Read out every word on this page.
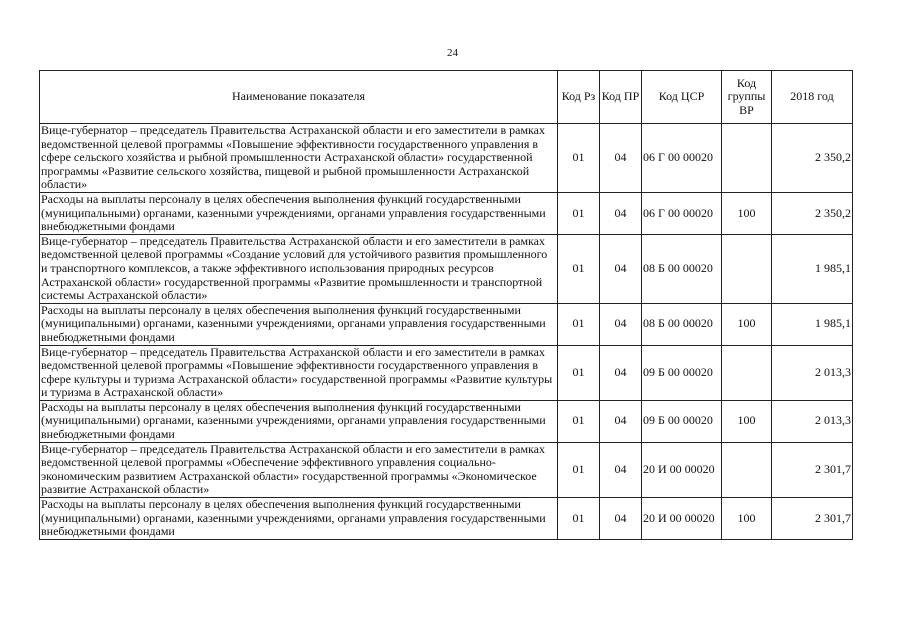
24
Наименование показателя	Код Рз	Код ПР	Код ЦСР	Код группы ВР	2018 год
Вице-губернатор – председатель Правительства Астраханской области и его заместители в рамках ведомственной целевой программы «Повышение эффективности государственного управления в сфере сельского хозяйства и рыбной промышленности Астраханской области» государственной программы «Развитие сельского хозяйства, пищевой и рыбной промышленности Астраханской области»	01	04	06 Г 00 00020		2 350,2
Расходы на выплаты персоналу в целях обеспечения выполнения функций государственными (муниципальными) органами, казенными учреждениями, органами управления государственными внебюджетными фондами	01	04	06 Г 00 00020	100	2 350,2
Вице-губернатор – председатель Правительства Астраханской области и его заместители в рамках ведомственной целевой программы «Создание условий для устойчивого развития промышленного и транспортного комплексов, а также эффективного использования природных ресурсов Астраханской области» государственной программы «Развитие промышленности и транспортной системы Астраханской области»	01	04	08 Б 00 00020		1 985,1
Расходы на выплаты персоналу в целях обеспечения выполнения функций государственными (муниципальными) органами, казенными учреждениями, органами управления государственными внебюджетными фондами	01	04	08 Б 00 00020	100	1 985,1
Вице-губернатор – председатель Правительства Астраханской области и его заместители в рамках ведомственной целевой программы «Повышение эффективности государственного управления в сфере культуры и туризма Астраханской области» государственной программы «Развитие культуры и туризма в Астраханской области»	01	04	09 Б 00 00020		2 013,3
Расходы на выплаты персоналу в целях обеспечения выполнения функций государственными (муниципальными) органами, казенными учреждениями, органами управления государственными внебюджетными фондами	01	04	09 Б 00 00020	100	2 013,3
Вице-губернатор – председатель Правительства Астраханской области и его заместители в рамках ведомственной целевой программы «Обеспечение эффективного управления социально-экономическим развитием Астраханской области» государственной программы «Экономическое развитие Астраханской области»	01	04	20 И 00 00020		2 301,7
Расходы на выплаты персоналу в целях обеспечения выполнения функций государственными (муниципальными) органами, казенными учреждениями, органами управления государственными внебюджетными фондами	01	04	20 И 00 00020	100	2 301,7
